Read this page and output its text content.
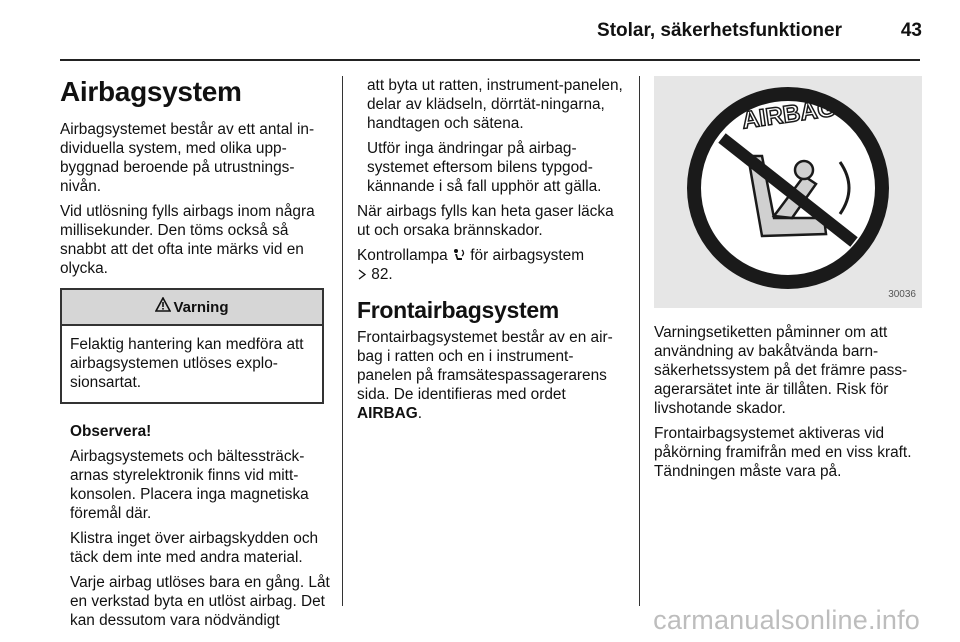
Stolar, säkerhetsfunktioner	43
Airbagsystem

Airbagsystemet består av ett antal in-dividuella system, med olika upp-byggnad beroende på utrustnings-nivån.

Vid utlösning fylls airbags inom några millisekunder. Den töms också så snabbt att det ofta inte märks vid en olycka.

Varning
Felaktig hantering kan medföra att airbagsystemen utlöses explo-sionsartat.

Observera!

Airbagsystemets och bältessträck-arnas styrelektronik finns vid mitt-konsolen. Placera inga magnetiska föremål där.

Klistra inget över airbagskydden och täck dem inte med andra material.

Varje airbag utlöses bara en gång. Låt en verkstad byta en utlöst airbag. Det kan dessutom vara nödvändigt

att byta ut ratten, instrument-panelen, delar av klädseln, dörrtät-ningarna, handtagen och sätena.

Utför inga ändringar på airbag-systemet eftersom bilens typgod-kännande i så fall upphör att gälla.

När airbags fylls kan heta gaser läcka ut och orsaka brännskador.

Kontrollampa för airbagsystem
82.

Frontairbagsystem

Frontairbagsystemet består av en air-bag i ratten och en i instrument-panelen på framsätespassagerarens sida. De identifieras med ordet AIRBAG.

AIRBAG
30036

Varningsetiketten påminner om att användning av bakåtvända barn-säkerhetssystem på det främre pass-agerarsätet inte är tillåten. Risk för livshotande skador.

Frontairbagsystemet aktiveras vid påkörning framifrån med en viss kraft. Tändningen måste vara på.

carmanualsonline.info
